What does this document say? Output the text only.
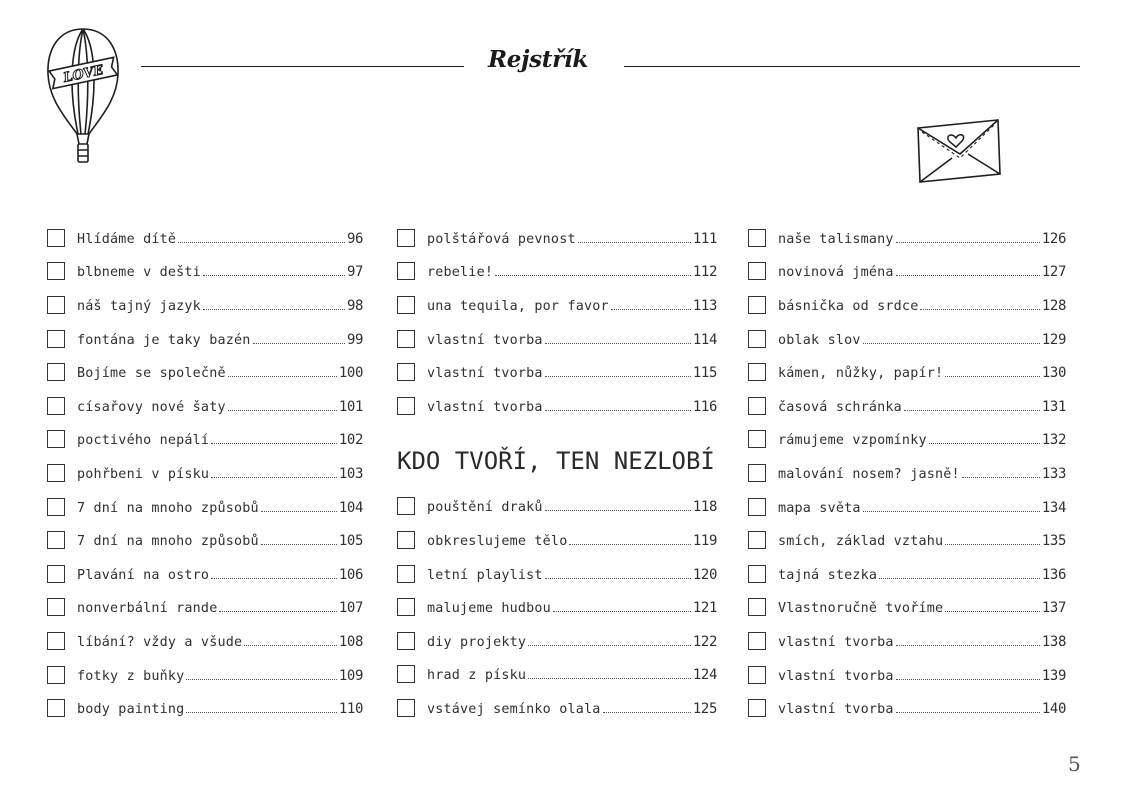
LOVE
Rejstřík
Hlídáme dítě	96
blbneme v dešti	97
náš tajný jazyk	98
fontána je taky bazén	99
Bojíme se společně	100
císařovy nové šaty	101
poctivého nepálí	102
pohřbeni v písku	103
7 dní na mnoho způsobů	104
7 dní na mnoho způsobů	105
Plavání na ostro	106
nonverbální rande	107
líbání? vždy a všude	108
fotky z buňky	109
body painting	110
polštářová pevnost	111
rebelie!	112
una tequila, por favor	113
vlastní tvorba	114
vlastní tvorba	115
vlastní tvorba	116
KDO TVOŘÍ, TEN NEZLOBÍ
pouštění draků	118
obkreslujeme tělo	119
letní playlist	120
malujeme hudbou	121
diy projekty	122
hrad z písku	124
vstávej semínko olala	125
naše talismany	126
novinová jména	127
básnička od srdce	128
oblak slov	129
kámen, nůžky, papír!	130
časová schránka	131
rámujeme vzpomínky	132
malování nosem? jasně!	133
mapa světa	134
smích, základ vztahu	135
tajná stezka	136
Vlastnoručně tvoříme	137
vlastní tvorba	138
vlastní tvorba	139
vlastní tvorba	140
5
